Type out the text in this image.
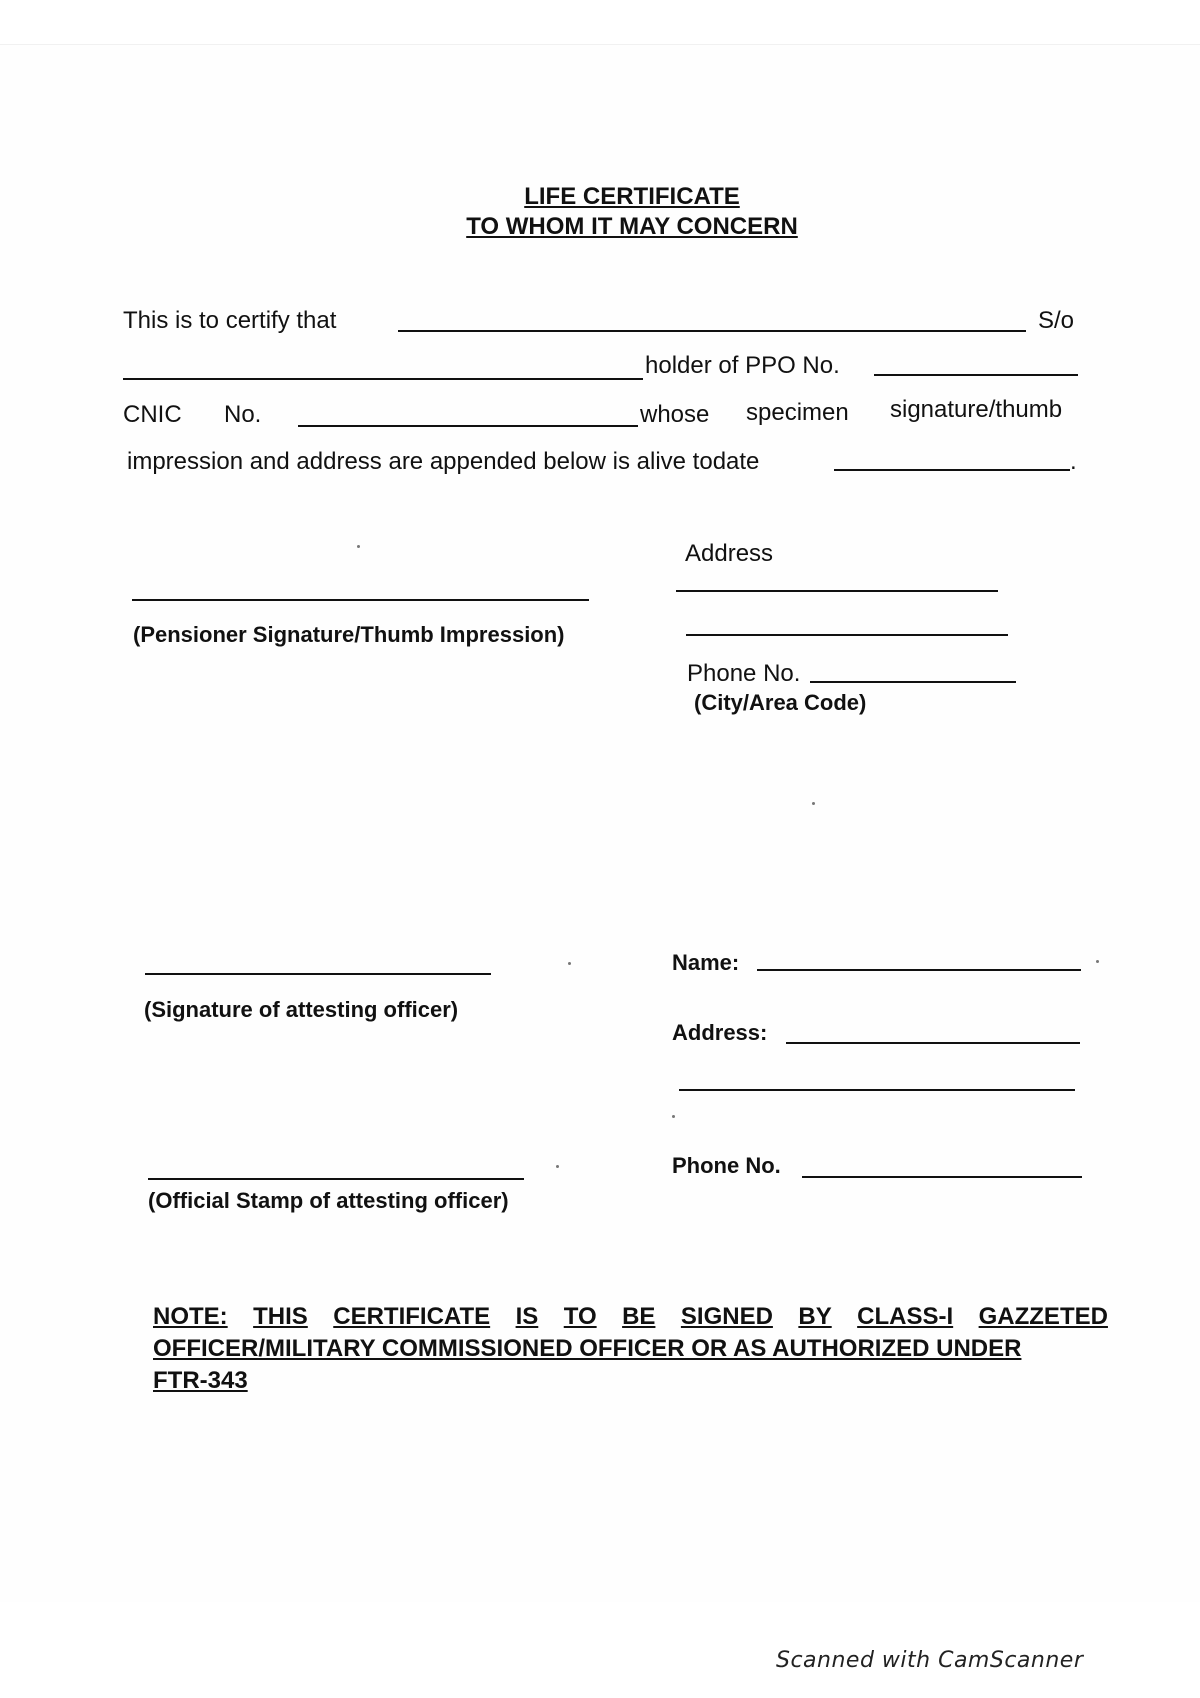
LIFE CERTIFICATE
TO WHOM IT MAY CONCERN
This is to certify that	S/o
holder of PPO No.
CNIC No.	whose specimen signature/thumb
impression and address are appended below is alive todate	.
Address
(Pensioner Signature/Thumb Impression)
Phone No.
(City/Area Code)
Name:
(Signature of attesting officer)
Address:
Phone No.
(Official Stamp of attesting officer)
NOTE: THIS CERTIFICATE IS TO BE SIGNED BY CLASS-I GAZZETED
OFFICER/MILITARY COMMISSIONED OFFICER OR AS AUTHORIZED UNDER
FTR-343
Scanned with CamScanner
